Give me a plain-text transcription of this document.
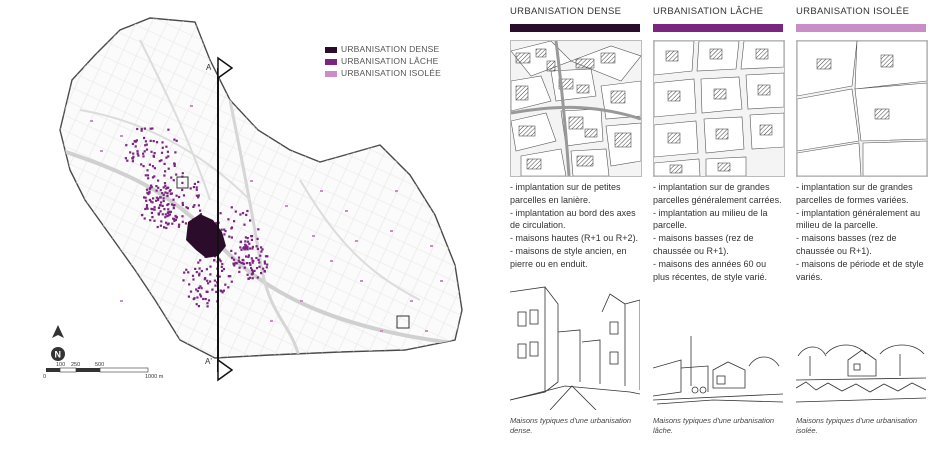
A
A'
N
0
100 250	500
1000 m
URBANISATION DENSE
URBANISATION LÂCHE
URBANISATION ISOLÉE
URBANISATION DENSE
- implantation sur de petites parcelles en lanière.
- implantation au bord des axes de circulation.
- maisons hautes (R+1 ou R+2).
- maisons de style ancien, en pierre ou en enduit.
Maisons typiques d'une urbanisation dense.
URBANISATION LÂCHE
- implantation sur de grandes parcelles généralement carrées.
- implantation au milieu de la parcelle.
- maisons basses (rez de chaussée ou R+1).
- maisons des années 60 ou plus récentes, de style varié.
Maisons typiques d'une urbanisation lâche.
URBANISATION ISOLÉE
- implantation sur de grandes parcelles de formes variées.
- implantation généralement au milieu de la parcelle.
- maisons basses (rez de chaussée ou R+1).
- maisons de période et de style variés.
Maisons typiques d'une urbanisation isolée.
